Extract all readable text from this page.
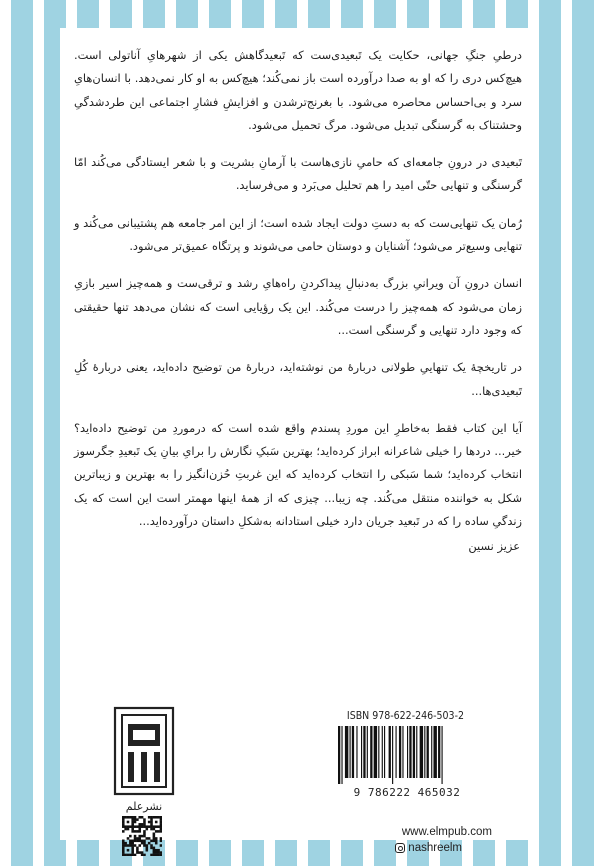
درطیِ جنگِ جهانی، حکایت یک تَبعیدی‌ست که تَبعیدگاهش یکی از شهرهایِ آناتولی است. هیچ‌کس دری را که او به صدا درآورده است باز نمی‌کُند؛ هیچ‌کس به او کار نمی‌دهد. با انسان‌هایِ سرد و بی‌احساس محاصره می‌شود. با بغرنج‌ترشدن و افزایشِ فشارِ اجتماعی این طردشدگیِ وحشتناک به گرسنگی تبدیل می‌شود. مرگ تحمیل می‌شود.

تَبعیدی در درونِ جامعه‌ای که حامیِ نازی‌هاست با آرمانِ بشریت و با شعر ایستادگی می‌کُند امّا گرسنگی و تنهایی حتّی امید را هم تحلیل می‌بَرد و می‌فرساید.

رُمان یک تنهایی‌ست که به دستِ دولت ایجاد شده است؛ از این امر جامعه هم پشتیبانی می‌کُند و تنهایی وسیع‌تر می‌شود؛ آشنایان و دوستان حامی می‌شوند و پرتگاه عمیق‌تر می‌شود.

انسان درونِ آن ویرانیِ بزرگ به‌دنبالِ پیداکردنِ راه‌هایِ رشد و ترقی‌ست و همه‌چیز اسیر بازیِ زمان می‌شود که همه‌چیز را درست می‌کُند. این یک رؤیایی است که نشان می‌دهد تنها حقیقتی که وجود دارد تنهایی و گرسنگی است...

در تاریخچهٔ یک تنهاییِ طولانی دربارهٔ من نوشته‌اید، دربارهٔ من توضیح داده‌اید، یعنی دربارهٔ کُلِ تَبعیدی‌ها...

آیا این کتاب فقط به‌خاطرِ این موردِ پسندم واقع شده است که درموردِ من توضیح داده‌اید؟ خیر... دردها را خیلی شاعرانه ابراز کرده‌اید؛ بهترین سَبکِ نگارش را برایِ بیانِ یک تَبعیدِ جگرسوز انتخاب کرده‌اید؛ شما سَبکی را انتخاب کرده‌اید که این غربتِ حُزن‌انگیز را به بهترین و زیباترین شکل به خواننده منتقل می‌کُند. چه زیبا... چیزی که از همهٔ اینها مهمتر است این است که یک زندگیِ ساده را که در تَبعید جریان دارد خیلی استادانه به‌شکلِ داستان درآورده‌اید...

عزیز نسین
نشرعلم
ISBN 978-622-246-503-2
9 786222 465032
www.elmpub.com
nashreelm
